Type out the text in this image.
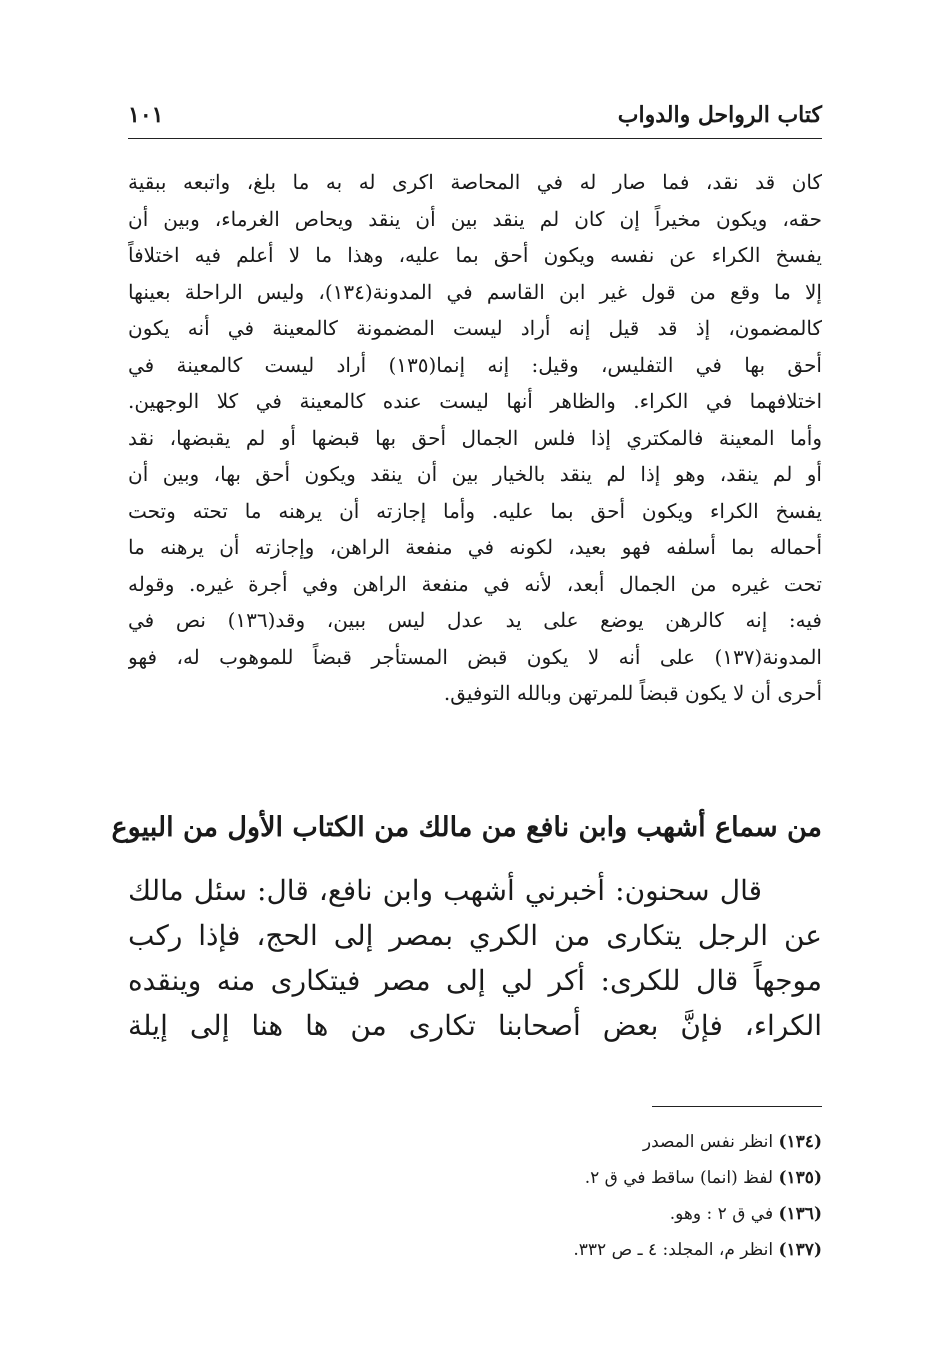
كتاب الرواحل والدواب
١٠١
كان قد نقد، فما صار له في المحاصة اكرى له به ما بلغ، واتبعه ببقية
حقه، ويكون مخيراً إن كان لم ينقد بين أن ينقد ويحاص الغرماء، وبين أن
يفسخ الكراء عن نفسه ويكون أحق بما عليه، وهذا ما لا أعلم فيه اختلافاً
إلا ما وقع من قول غير ابن القاسم في المدونة(١٣٤)، وليس الراحلة بعينها
كالمضمون، إذ قد قيل إنه أراد ليست المضمونة كالمعينة في أنه يكون
أحق بها في التفليس، وقيل: إنه إنما(١٣٥) أراد ليست كالمعينة في
اختلافهما في الكراء. والظاهر أنها ليست عنده كالمعينة في كلا الوجهين.
وأما المعينة فالمكتري إذا فلس الجمال أحق بها قبضها أو لم يقبضها، نقد
أو لم ينقد، وهو إذا لم ينقد بالخيار بين أن ينقد ويكون أحق بها، وبين أن
يفسخ الكراء ويكون أحق بما عليه. وأما إجازته أن يرهنه ما تحته وتحت
أحماله بما أسلفه فهو بعيد، لكونه في منفعة الراهن، وإجازته أن يرهنه ما
تحت غيره من الجمال أبعد، لأنه في منفعة الراهن وفي أجرة غيره. وقوله
فيه: إنه كالرهن يوضع على يد عدل ليس ببين، وقد(١٣٦) نص في
المدونة(١٣٧) على أنه لا يكون قبض المستأجر قبضاً للموهوب له، فهو
أحرى أن لا يكون قبضاً للمرتهن وبالله التوفيق.
من سماع أشهب وابن نافع من مالك من الكتاب الأول من البيوع
قال سحنون: أخبرني أشهب وابن نافع، قال: سئل مالك
عن الرجل يتكارى من الكري بمصر إلى الحج، فإذا ركب
موجهاً قال للكرى: أكر لي إلى مصر فيتكارى منه وينقده
الكراء، فإنَّ بعض أصحابنا تكارى من ها هنا إلى إيلة
(١٣٤) انظر نفس المصدر
(١٣٥) لفظ (انما) ساقط في ق ٢.
(١٣٦) في ق ٢ : وهو.
(١٣٧) انظر م، المجلد: ٤ ـ ص ٣٣٢.
